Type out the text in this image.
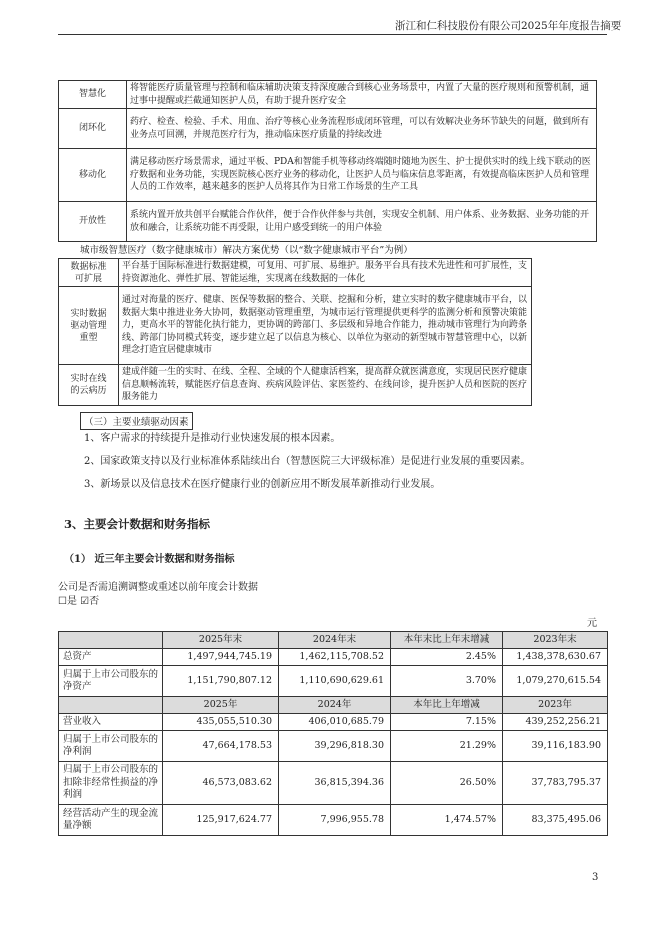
浙江和仁科技股份有限公司2025年年度报告摘要
智慧化	将智能医疗质量管理与控制和临床辅助决策支持深度融合到核心业务场景中，内置了大量的医疗规则和预警机制，通过事中提醒或拦截通知医护人员，有助于提升医疗安全
闭环化	药疗、检查、检验、手术、用血、治疗等核心业务流程形成闭环管理，可以有效解决业务环节缺失的问题，做到所有业务点可回溯，并规范医疗行为，推动临床医疗质量的持续改进
移动化	满足移动医疗场景需求，通过平板、PDA和智能手机等移动终端随时随地为医生、护士提供实时的线上线下联动的医疗数据和业务功能，实现医院核心医疗业务的移动化，让医护人员与临床信息零距离，有效提高临床医护人员和管理人员的工作效率，越来越多的医护人员将其作为日常工作场景的生产工具
开放性	系统内置开放共创平台赋能合作伙伴，便于合作伙伴参与共创，实现安全机制、用户体系、业务数据、业务功能的开放和融合，让系统功能不再受限，让用户感受到统一的用户体验
城市级智慧医疗（数字健康城市）解决方案优势（以“数字健康城市平台”为例）
数据标准
可扩展	平台基于国际标准进行数据建模，可复用、可扩展、易维护。服务平台具有技术先进性和可扩展性，支持资源池化、弹性扩展、智能运维，实现离在线数据的一体化

实时数据
驱动管理
重塑	通过对海量的医疗、健康、医保等数据的整合、关联、挖掘和分析，建立实时的数字健康城市平台，以数据大集中推进业务大协同，数据驱动管理重塑，为城市运行管理提供更科学的监测分析和预警决策能力，更高水平的智能化执行能力，更协调的跨部门、多层级和异地合作能力，推动城市管理行为向跨条线、跨部门协同模式转变，逐步建立起了以信息为核心、以单位为驱动的新型城市智慧管理中心，以新理念打造宜居健康城市

实时在线
的云病历	建成伴随一生的实时、在线、全程、全域的个人健康活档案，提高群众就医满意度，实现居民医疗健康信息顺畅流转，赋能医疗信息查询、疾病风险评估、家医签约、在线问诊，提升医护人员和医院的医疗服务能力
（三）主要业绩驱动因素
1、客户需求的持续提升是推动行业快速发展的根本因素。
2、国家政策支持以及行业标准体系陆续出台（智慧医院三大评级标准）是促进行业发展的重要因素。
3、新场景以及信息技术在医疗健康行业的创新应用不断发展革新推动行业发展。
3、主要会计数据和财务指标
（1） 近三年主要会计数据和财务指标
公司是否需追溯调整或重述以前年度会计数据
☐是 ☑否
元
	2025年末	2024年末	本年末比上年末增减	2023年末
总资产	1,497,944,745.19	1,462,115,708.52	2.45%	1,438,378,630.67
归属于上市公司股东的净资产	1,151,790,807.12	1,110,690,629.61	3.70%	1,079,270,615.54
	2025年	2024年	本年比上年增减	2023年
营业收入	435,055,510.30	406,010,685.79	7.15%	439,252,256.21
归属于上市公司股东的净利润	47,664,178.53	39,296,818.30	21.29%	39,116,183.90
归属于上市公司股东的扣除非经常性损益的净利润	46,573,083.62	36,815,394.36	26.50%	37,783,795.37
经营活动产生的现金流量净额	125,917,624.77	7,996,955.78	1,474.57%	83,375,495.06
3
